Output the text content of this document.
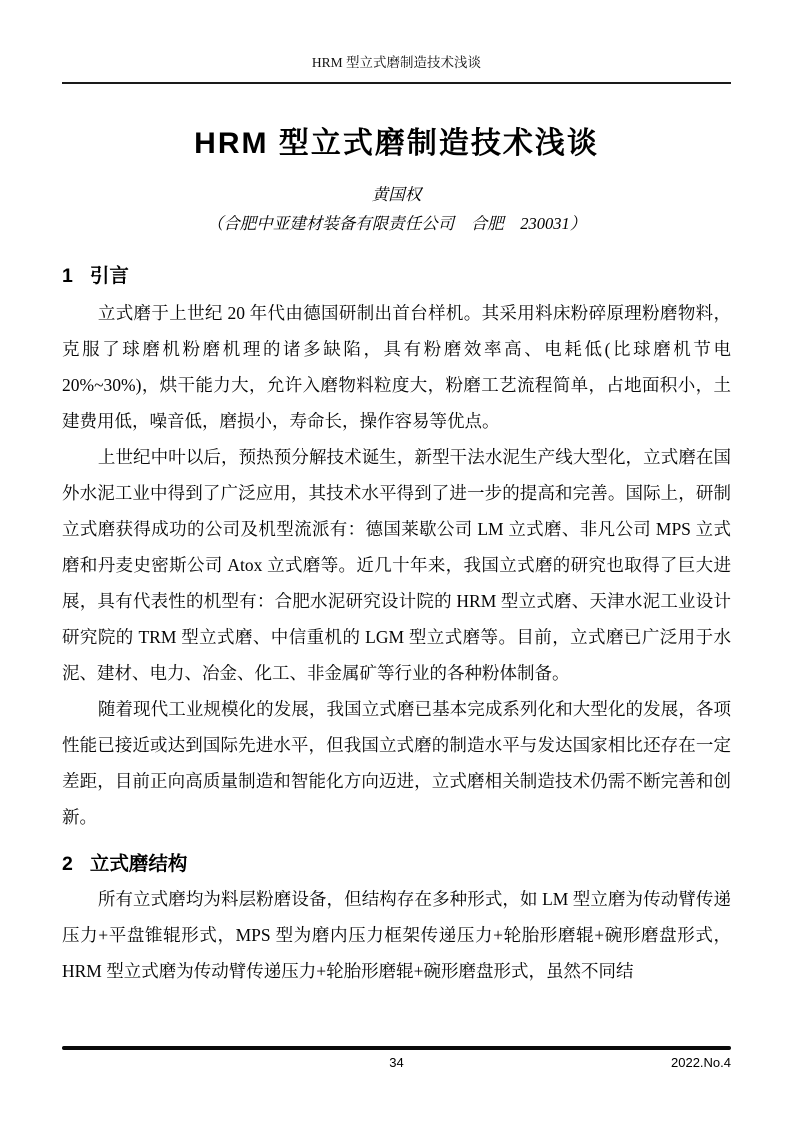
HRM 型立式磨制造技术浅谈
HRM 型立式磨制造技术浅谈
黄国权
（合肥中亚建材装备有限责任公司　合肥　230031）
1 引言

立式磨于上世纪 20 年代由德国研制出首台样机。其采用料床粉碎原理粉磨物料，克服了球磨机粉磨机理的诸多缺陷，具有粉磨效率高、电耗低(比球磨机节电 20%~30%)，烘干能力大，允许入磨物料粒度大，粉磨工艺流程简单，占地面积小，土建费用低，噪音低，磨损小，寿命长，操作容易等优点。

上世纪中叶以后，预热预分解技术诞生，新型干法水泥生产线大型化，立式磨在国外水泥工业中得到了广泛应用，其技术水平得到了进一步的提高和完善。国际上，研制立式磨获得成功的公司及机型流派有：德国莱歇公司 LM 立式磨、非凡公司 MPS 立式磨和丹麦史密斯公司 Atox 立式磨等。近几十年来，我国立式磨的研究也取得了巨大进展，具有代表性的机型有：合肥水泥研究设计院的 HRM 型立式磨、天津水泥工业设计研究院的 TRM 型立式磨、中信重机的 LGM 型立式磨等。目前，立式磨已广泛用于水泥、建材、电力、冶金、化工、非金属矿等行业的各种粉体制备。

随着现代工业规模化的发展，我国立式磨已基本完成系列化和大型化的发展，各项性能已接近或达到国际先进水平，但我国立式磨的制造水平与发达国家相比还存在一定差距，目前正向高质量制造和智能化方向迈进，立式磨相关制造技术仍需不断完善和创新。

2 立式磨结构

所有立式磨均为料层粉磨设备，但结构存在多种形式，如 LM 型立磨为传动臂传递压力+平盘锥辊形式，MPS 型为磨内压力框架传递压力+轮胎形磨辊+碗形磨盘形式，HRM 型立式磨为传动臂传递压力+轮胎形磨辊+碗形磨盘形式，虽然不同结

34	2022.No.4
